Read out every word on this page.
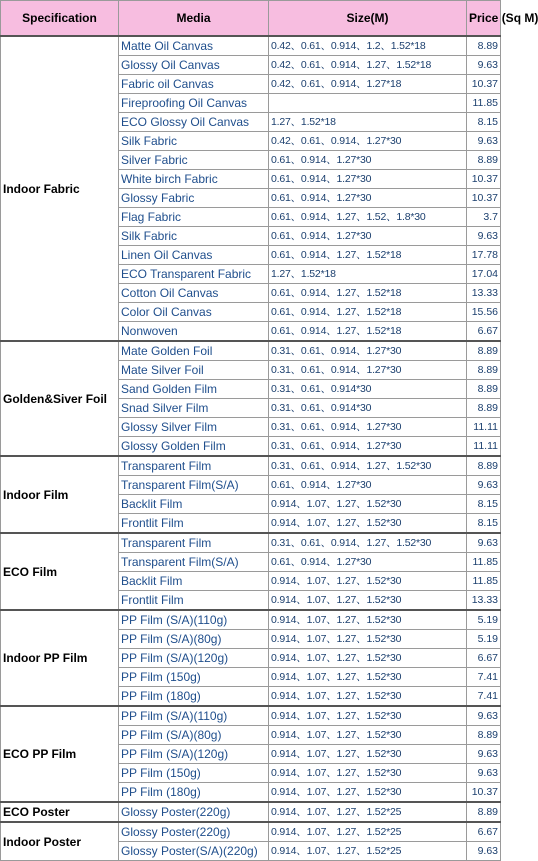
Specification	Media	Size(M)	Price (Sq M)
Indoor Fabric	Matte Oil Canvas	0.42、0.61、0.914、1.2、1.52*18	8.89
	Glossy Oil Canvas	0.42、0.61、0.914、1.27、1.52*18	9.63
	Fabric oil Canvas	0.42、0.61、0.914、1.27*18	10.37
	Fireproofing Oil Canvas		11.85
	ECO Glossy Oil Canvas	1.27、1.52*18	8.15
	Silk Fabric	0.42、0.61、0.914、1.27*30	9.63
	Silver Fabric	0.61、0.914、1.27*30	8.89
	White birch Fabric	0.61、0.914、1.27*30	10.37
	Glossy Fabric	0.61、0.914、1.27*30	10.37
	Flag Fabric	0.61、0.914、1.27、1.52、1.8*30	3.7
	Silk Fabric	0.61、0.914、1.27*30	9.63
	Linen Oil Canvas	0.61、0.914、1.27、1.52*18	17.78
	ECO Transparent Fabric	1.27、1.52*18	17.04
	Cotton Oil Canvas	0.61、0.914、1.27、1.52*18	13.33
	Color Oil Canvas	0.61、0.914、1.27、1.52*18	15.56
	Nonwoven	0.61、0.914、1.27、1.52*18	6.67
Golden&Siver Foil	Mate Golden Foil	0.31、0.61、0.914、1.27*30	8.89
	Mate Silver Foil	0.31、0.61、0.914、1.27*30	8.89
	Sand Golden Film	0.31、0.61、0.914*30	8.89
	Snad Silver Film	0.31、0.61、0.914*30	8.89
	Glossy Silver Film	0.31、0.61、0.914、1.27*30	11.11
	Glossy Golden Film	0.31、0.61、0.914、1.27*30	11.11
Indoor Film	Transparent Film	0.31、0.61、0.914、1.27、1.52*30	8.89
	Transparent Film(S/A)	0.61、0.914、1.27*30	9.63
	Backlit Film	0.914、1.07、1.27、1.52*30	8.15
	Frontlit Film	0.914、1.07、1.27、1.52*30	8.15
ECO Film	Transparent Film	0.31、0.61、0.914、1.27、1.52*30	9.63
	Transparent Film(S/A)	0.61、0.914、1.27*30	11.85
	Backlit Film	0.914、1.07、1.27、1.52*30	11.85
	Frontlit Film	0.914、1.07、1.27、1.52*30	13.33
Indoor PP Film	PP Film (S/A)(110g)	0.914、1.07、1.27、1.52*30	5.19
	PP Film (S/A)(80g)	0.914、1.07、1.27、1.52*30	5.19
	PP Film (S/A)(120g)	0.914、1.07、1.27、1.52*30	6.67
	PP Film (150g)	0.914、1.07、1.27、1.52*30	7.41
	PP Film (180g)	0.914、1.07、1.27、1.52*30	7.41
ECO PP Film	PP Film (S/A)(110g)	0.914、1.07、1.27、1.52*30	9.63
	PP Film (S/A)(80g)	0.914、1.07、1.27、1.52*30	8.89
	PP Film (S/A)(120g)	0.914、1.07、1.27、1.52*30	9.63
	PP Film (150g)	0.914、1.07、1.27、1.52*30	9.63
	PP Film (180g)	0.914、1.07、1.27、1.52*30	10.37
ECO Poster	Glossy Poster(220g)	0.914、1.07、1.27、1.52*25	8.89
Indoor Poster	Glossy Poster(220g)	0.914、1.07、1.27、1.52*25	6.67
	Glossy Poster(S/A)(220g)	0.914、1.07、1.27、1.52*25	9.63
